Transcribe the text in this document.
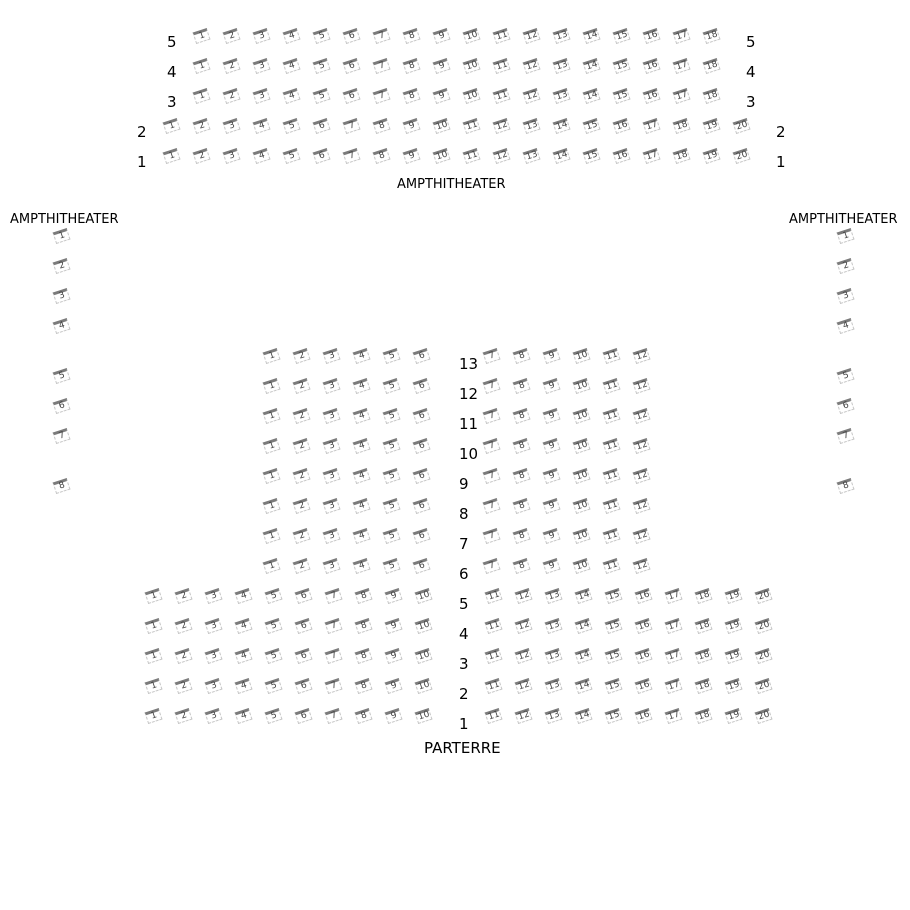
AMPTHITHEATER
AMPTHITHEATER	AMPTHITHEATER
PARTERRE
1	2	3	4	5	6	7	8	9	10	11	12	13	14	15	16	17	18
5	5
1	2	3	4	5	6	7	8	9	10	11	12	13	14	15	16	17	18
4	4
1	2	3	4	5	6	7	8	9	10	11	12	13	14	15	16	17	18
3	3
1	2	3	4	5	6	7	8	9	10	11	12	13	14	15	16	17	18	19	20
2	2
1	2	3	4	5	6	7	8	9	10	11	12	13	14	15	16	17	18	19	20
1	1
1
2
3
4
5
6
7
8
1
2
3
4
5
6
7
8
1	2	3	4	5	6	7	8	9	10	11	12
13
1	2	3	4	5	6	7	8	9	10	11	12
12
1	2	3	4	5	6	7	8	9	10	11	12
11
1	2	3	4	5	6	7	8	9	10	11	12
10
1	2	3	4	5	6	7	8	9	10	11	12
9
1	2	3	4	5	6	7	8	9	10	11	12
8
1	2	3	4	5	6	7	8	9	10	11	12
7
1	2	3	4	5	6	7	8	9	10	11	12
6
1	2	3	4	5	6	7	8	9	10	11	12	13	14	15	16	17	18	19	20
5
1	2	3	4	5	6	7	8	9	10	11	12	13	14	15	16	17	18	19	20
4
1	2	3	4	5	6	7	8	9	10	11	12	13	14	15	16	17	18	19	20
3
1	2	3	4	5	6	7	8	9	10	11	12	13	14	15	16	17	18	19	20
2
1	2	3	4	5	6	7	8	9	10	11	12	13	14	15	16	17	18	19	20
1
